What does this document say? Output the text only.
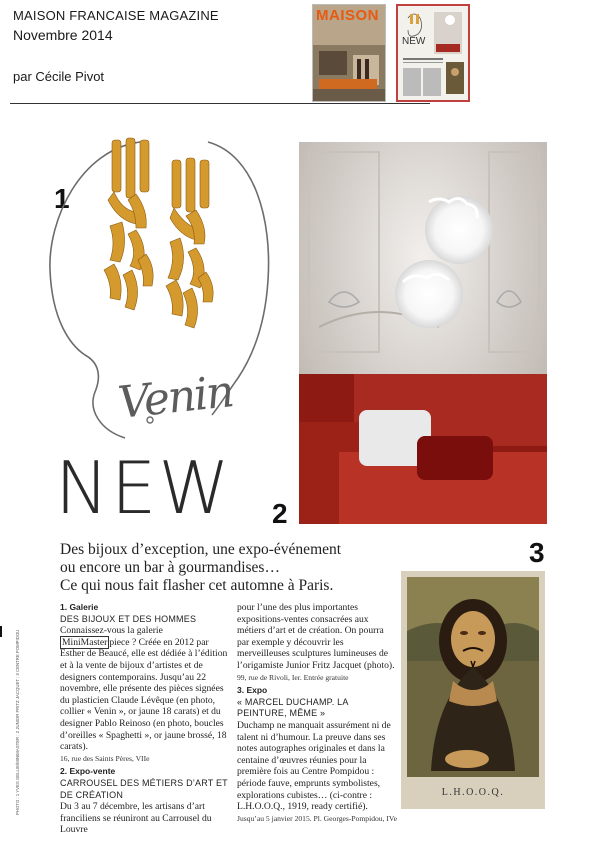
MAISON FRANCAISE MAGAZINE
Novembre 2014
par Cécile Pivot
MAISON
NEW
1
2
3
Venin
NEW
Des bijoux d’exception, une expo-événement
ou encore un bar à gourmandises…
Ce qui nous fait flasher cet automne à Paris.
L.H.O.O.Q.

1. Galerie

DES BIJOUX ET DES HOMMES

Connaissez-vous la galerie MiniMaster piece ? Créée en 2012 par Esther de Beaucé, elle est dédiée à l’édition et à la vente de bijoux d’artistes et de designers contemporains. Jusqu’au 22 novembre, elle présente des pièces signées du plasticien Claude Lévêque (en photo, collier « Venin », or jaune 18 carats) et du designer Pablo Reinoso (en photo, boucles d’oreilles « Spaghetti », or jaune brossé, 18 carats).

16, rue des Saints Pères, VIIe

2. Expo-vente

CARROUSEL DES MÉTIERS D’ART ET DE CRÉATION

Du 3 au 7 décembre, les artisans d’art franciliens se réuniront au Carrousel du Louvre

pour l’une des plus importantes expositions-ventes consacrées aux métiers d’art et de création. On pourra par exemple y découvrir les merveilleuses sculptures lumineuses de l’origamiste Junior Fritz Jacquet (photo).

99, rue de Rivoli, Ier. Entrée gratuite

3. Expo

« MARCEL DUCHAMP. LA PEINTURE, MÊME »

Duchamp ne manquait assurément ni de talent ni d’humour. La preuve dans ses notes autographes originales et dans la centaine d’œuvres réunies pour la première fois au Centre Pompidou : période fauve, emprunts symbolistes, explorations cubistes… (ci-contre : L.H.O.O.Q., 1919, ready certifié).

Jusqu’au 5 janvier 2015. Pl. Georges-Pompidou, IVe

PHOTO : 1 YVES GELLIE/MINIMASTER ; 2 JUNIOR FRITZ JACQUET ; 3 CENTRE POMPIDOU
